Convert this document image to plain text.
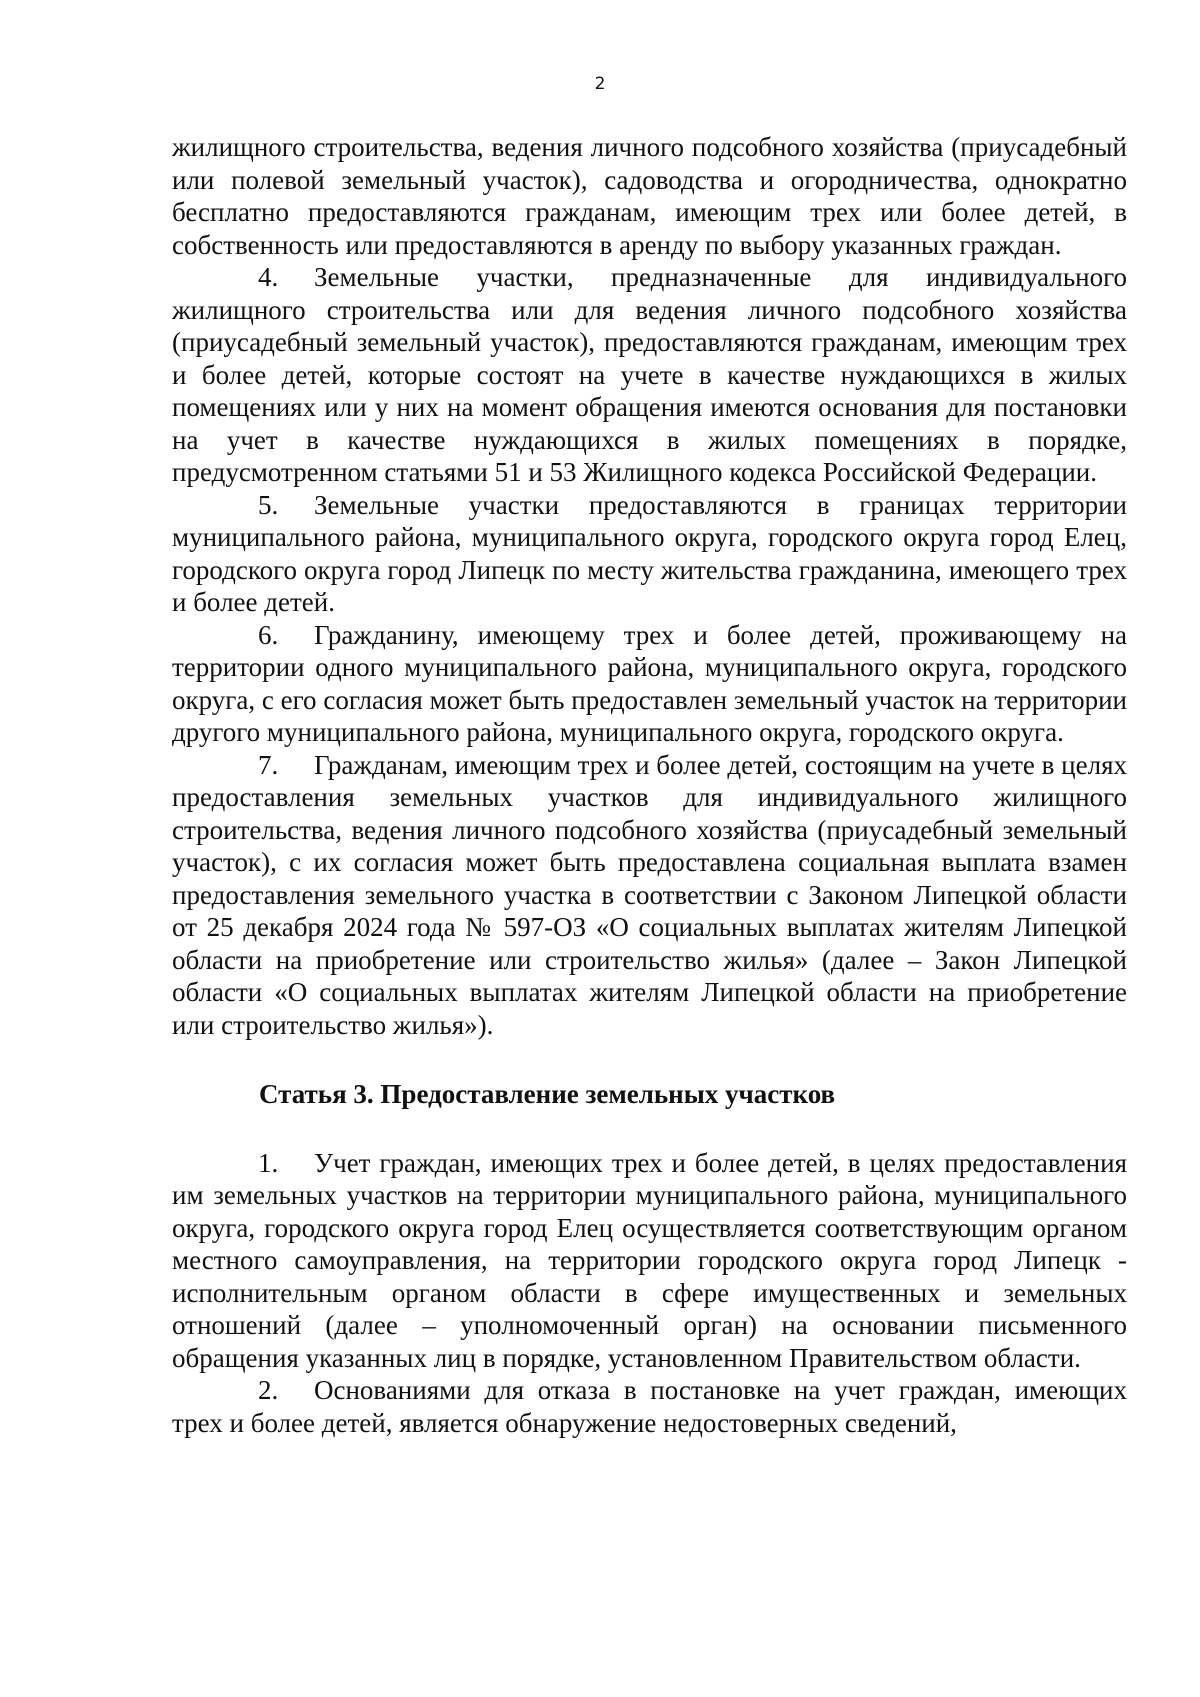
2

жилищного строительства, ведения личного подсобного хозяйства (приусадебный или полевой земельный участок), садоводства и огородничества, однократно бесплатно предоставляются гражданам, имеющим трех или более детей, в собственность или предоставляются в аренду по выбору указанных граждан.

4. Земельные участки, предназначенные для индивидуального жилищного строительства или для ведения личного подсобного хозяйства (приусадебный земельный участок), предоставляются гражданам, имеющим трех и более детей, которые состоят на учете в качестве нуждающихся в жилых помещениях или у них на момент обращения имеются основания для постановки на учет в качестве нуждающихся в жилых помещениях в порядке, предусмотренном статьями 51 и 53 Жилищного кодекса Российской Федерации.

5. Земельные участки предоставляются в границах территории муниципального района, муниципального округа, городского округа город Елец, городского округа город Липецк по месту жительства гражданина, имеющего трех и более детей.

6. Гражданину, имеющему трех и более детей, проживающему на территории одного муниципального района, муниципального округа, городского округа, с его согласия может быть предоставлен земельный участок на территории другого муниципального района, муниципального округа, городского округа.

7. Гражданам, имеющим трех и более детей, состоящим на учете в целях предоставления земельных участков для индивидуального жилищного строительства, ведения личного подсобного хозяйства (приусадебный земельный участок), с их согласия может быть предоставлена социальная выплата взамен предоставления земельного участка в соответствии с Законом Липецкой области от 25 декабря 2024 года № 597-ОЗ «О социальных выплатах жителям Липецкой области на приобретение или строительство жилья» (далее – Закон Липецкой области «О социальных выплатах жителям Липецкой области на приобретение или строительство жилья»).

Статья 3. Предоставление земельных участков

1. Учет граждан, имеющих трех и более детей, в целях предоставления им земельных участков на территории муниципального района, муниципального округа, городского округа город Елец осуществляется соответствующим органом местного самоуправления, на территории городского округа город Липецк - исполнительным органом области в сфере имущественных и земельных отношений (далее – уполномоченный орган) на основании письменного обращения указанных лиц в порядке, установленном Правительством области.

2. Основаниями для отказа в постановке на учет граждан, имеющих трех и более детей, является обнаружение недостоверных сведений,
